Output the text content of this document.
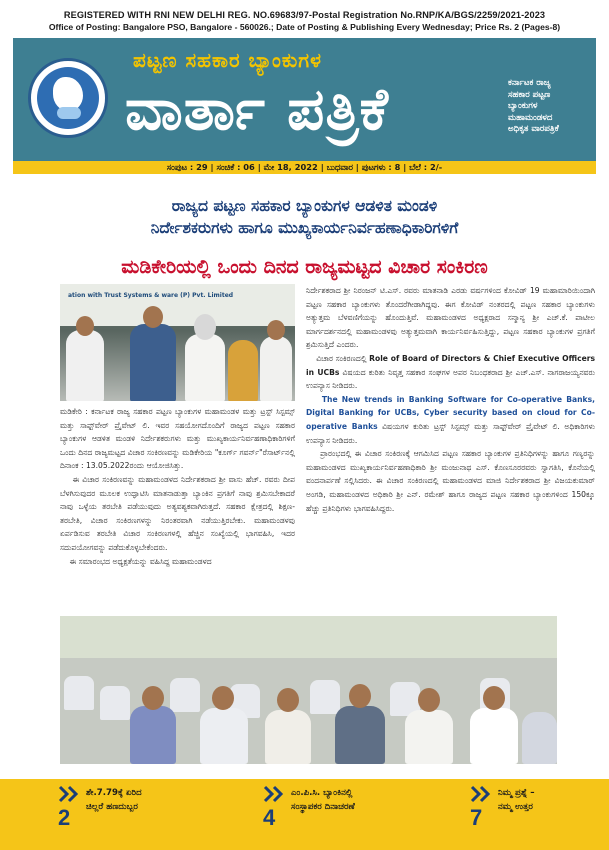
REGISTERED WITH RNI NEW DELHI REG. NO.69683/97-Postal Registration No.RNP/KA/BGS/2259/2021-2023
Office of Posting: Bangalore PSO, Bangalore - 560026.; Date of Posting & Publishing Every Wednesday; Price Rs. 2 (Pages-8)
ಪಟ್ಟಣ ಸಹಕಾರ ಬ್ಯಾಂಕುಗಳ
ವಾರ್ತಾ ಪತ್ರಿಕೆ	ಕರ್ನಾಟಕ ರಾಜ್ಯ
ಸಹಕಾರ ಪಟ್ಟಣ
ಬ್ಯಾಂಕುಗಳ
ಮಹಾಮಂಡಳದ
ಅಧಿಕೃತ ವಾರಪತ್ರಿಕೆ
ಸಂಪುಟ : 29 | ಸಂಚಿಕೆ : 06 | ಮೇ 18, 2022 | ಬುಧವಾರ | ಪುಟಗಳು : 8 | ಬೆಲೆ : 2/-
ರಾಜ್ಯದ ಪಟ್ಟಣ ಸಹಕಾರ ಬ್ಯಾಂಕುಗಳ ಆಡಳಿತ ಮಂಡಳಿ
ನಿರ್ದೇಶಕರುಗಳು ಹಾಗೂ ಮುಖ್ಯಕಾರ್ಯನಿರ್ವಹಣಾಧಿಕಾರಿಗಳಿಗೆ
ಮಡಿಕೇರಿಯಲ್ಲಿ ಒಂದು ದಿನದ ರಾಜ್ಯಮಟ್ಟದ ವಿಚಾರ ಸಂಕಿರಣ
ation with Trust Systems & ware (P) Pvt. Limited

ನಿರ್ದೇಶಕರಾದ ಶ್ರೀ ನಿರಂಜನ್ ಟಿ.ಎಸ್. ರವರು ಮಾತನಾಡಿ ಎರಡು ವರ್ಷಗಳಿಂದ ಕೋವಿಡ್ 19 ಮಹಾಮಾರಿಯಿಂದಾಗಿ ಪಟ್ಟಣ ಸಹಕಾರ ಬ್ಯಾಂಕುಗಳು ತೊಂದರೆಗೀಡಾಗಿದ್ದವು. ಈಗ ಕೋವಿಡ್ ನಂತರದಲ್ಲಿ ಪಟ್ಟಣ ಸಹಕಾರ ಬ್ಯಾಂಕುಗಳು ಅತ್ಯುತ್ತಮ ಬೆಳವಣಿಗೆಯನ್ನು ಹೊಂದುತ್ತಿವೆ. ಮಹಾಮಂಡಳದ ಅಧ್ಯಕ್ಷರಾದ ಸನ್ಮಾನ್ಯ ಶ್ರೀ ಎಚ್.ಕೆ. ಪಾಟೀಲ ಮಾರ್ಗದರ್ಶನದಲ್ಲಿ ಮಹಾಮಂಡಳವು ಅತ್ಯುತ್ತಮವಾಗಿ ಕಾರ್ಯನಿರ್ವಹಿಸುತ್ತಿದ್ದು, ಪಟ್ಟಣ ಸಹಕಾರ ಬ್ಯಾಂಕುಗಳ ಪ್ರಗತಿಗೆ ಶ್ರಮಿಸುತ್ತಿದೆ ಎಂದರು.

ವಿಚಾರ ಸಂಕಿರಣದಲ್ಲಿ Role of Board of Directors & Chief Executive Officers in UCBs ವಿಷಯದ ಕುರಿತು ನಿವೃತ್ತ ಸಹಕಾರ ಸಂಘಗಳ ಅಪರ ನಿಬಂಧಕರಾದ ಶ್ರೀ ಎಚ್.ಎಸ್. ನಾಗರಾಜಯ್ಯನವರು ಉಪನ್ಯಾಸ ನೀಡಿದರು.

The New trends in Banking Software for Co-operative Banks, Digital Banking for UCBs, Cyber security based on cloud for Co-operative Banks ವಿಷಯಗಳ ಕುರಿತು ಟ್ರಸ್ಟ್ ಸಿಸ್ಟಮ್ಸ್ ಮತ್ತು ಸಾಫ್ಟ್‌ವೇರ್ ಪ್ರೈವೇಟ್ ಲಿ. ಅಧಿಕಾರಿಗಳು ಉಪನ್ಯಾಸ ನೀಡಿದರು.

ಪ್ರಾರಂಭದಲ್ಲಿ ಈ ವಿಚಾರ ಸಂಕಿರಣಕ್ಕೆ ಆಗಮಿಸಿದ ಪಟ್ಟಣ ಸಹಕಾರ ಬ್ಯಾಂಕುಗಳ ಪ್ರತಿನಿಧಿಗಳನ್ನು ಹಾಗೂ ಗಣ್ಯರನ್ನು ಮಹಾಮಂಡಳದ ಮುಖ್ಯಕಾರ್ಯನಿರ್ವಹಣಾಧಿಕಾರಿ ಶ್ರೀ ಮಂಜುನಾಥ ಎಸ್. ಕೊಣಸೂರರವರು ಸ್ವಾಗತಿಸಿ, ಕೊನೆಯಲ್ಲಿ ವಂದನಾರ್ಪಣೆ ಸಲ್ಲಿಸಿದರು. ಈ ವಿಚಾರ ಸಂಕಿರಣದಲ್ಲಿ ಮಹಾಮಂಡಳದ ಮಾಜಿ ನಿರ್ದೇಶಕರಾದ ಶ್ರೀ ವಿಜಯಕುಮಾರ್ ಅಂಗಡಿ, ಮಹಾಮಂಡಳದ ಅಧಿಕಾರಿ ಶ್ರೀ ಎನ್. ರಮೇಶ್ ಹಾಗೂ ರಾಜ್ಯದ ಪಟ್ಟಣ ಸಹಕಾರ ಬ್ಯಾಂಕುಗಳಿಂದ 150ಕ್ಕೂ ಹೆಚ್ಚು ಪ್ರತಿನಿಧಿಗಳು ಭಾಗವಹಿಸಿದ್ದರು.

ಮಡಿಕೇರಿ : ಕರ್ನಾಟಕ ರಾಜ್ಯ ಸಹಕಾರ ಪಟ್ಟಣ ಬ್ಯಾಂಕುಗಳ ಮಹಾಮಂಡಳ ಮತ್ತು ಟ್ರಸ್ಟ್ ಸಿಸ್ಟಮ್ಸ್ ಮತ್ತು ಸಾಫ್ಟ್‌ವೇರ್ ಪ್ರೈವೇಟ್ ಲಿ. ಇವರ ಸಹಯೋಗದೊಂದಿಗೆ ರಾಜ್ಯದ ಪಟ್ಟಣ ಸಹಕಾರ ಬ್ಯಾಂಕುಗಳ ಆಡಳಿತ ಮಂಡಳಿ ನಿರ್ದೇಶಕರುಗಳು ಮತ್ತು ಮುಖ್ಯಕಾರ್ಯನಿರ್ವಹಣಾಧಿಕಾರಿಗಳಿಗೆ ಒಂದು ದಿನದ ರಾಜ್ಯಮಟ್ಟದ ವಿಚಾರ ಸಂಕಿರಣವನ್ನು ಮಡಿಕೇರಿಯ "ಕೂರ್ಗ್ ಗವರ್ನ್"ರೆಸಾರ್ಟ್‌ನಲ್ಲಿ ದಿನಾಂಕ : 13.05.2022ರಂದು ಆಯೋಜಿಸಿತ್ತು.

ಈ ವಿಚಾರ ಸಂಕಿರಣವನ್ನು ಮಹಾಮಂಡಳದ ನಿರ್ದೇಶಕರಾದ ಶ್ರೀ ವಾಸು ಹೆಚ್. ರವರು ದೀಪ ಬೆಳಗಿಸುವುದರ ಮೂಲಕ ಉದ್ಘಾಟಿಸಿ ಮಾತನಾಡುತ್ತಾ ಬ್ಯಾಂಕಿನ ಪ್ರಗತಿಗೆ ನಾವು ಶ್ರಮಿಸಬೇಕಾದರೆ ನಾವು ಒಳ್ಳೆಯ ತರಬೇತಿ ಪಡೆಯುವುದು ಅತ್ಯವಶ್ಯಕವಾಗಿರುತ್ತದೆ. ಸಹಕಾರ ಕ್ಷೇತ್ರದಲ್ಲಿ ಶಿಕ್ಷಣ-ತರಬೇತಿ, ವಿಚಾರ ಸಂಕಿರಣಗಳನ್ನು ನಿರಂತರವಾಗಿ ನಡೆಯುತ್ತಿರಬೇಕು. ಮಹಾಮಂಡಳವು ಏರ್ಪಡಿಸುವ ತರಬೇತಿ ವಿಚಾರ ಸಂಕಿರಣಗಳಲ್ಲಿ ಹೆಚ್ಚಿನ ಸಂಖ್ಯೆಯಲ್ಲಿ ಭಾಗವಹಿಸಿ, ಇದರ ಸದುಪಯೋಗವನ್ನು ಪಡೆದುಕೊಳ್ಳಬೇಕೆಂದರು.

ಈ ಸಮಾರಂಭದ ಅಧ್ಯಕ್ಷತೆಯನ್ನು ವಹಿಸಿದ್ದ ಮಹಾಮಂಡಳದ

ಶೇ.7.79ಕ್ಕೆ ಏರಿದ
ಚಿಲ್ಲರೆ ಹಣದುಬ್ಬರ
2
ಎಂ.ಪಿ.ಸಿ. ಬ್ಯಾಂಕಿನಲ್ಲಿ
ಸಂಸ್ಥಾಪಕರ ದಿನಾಚರಣೆ
4
ನಿಮ್ಮ ಪ್ರಶ್ನೆ –
ನಮ್ಮ ಉತ್ತರ
7
